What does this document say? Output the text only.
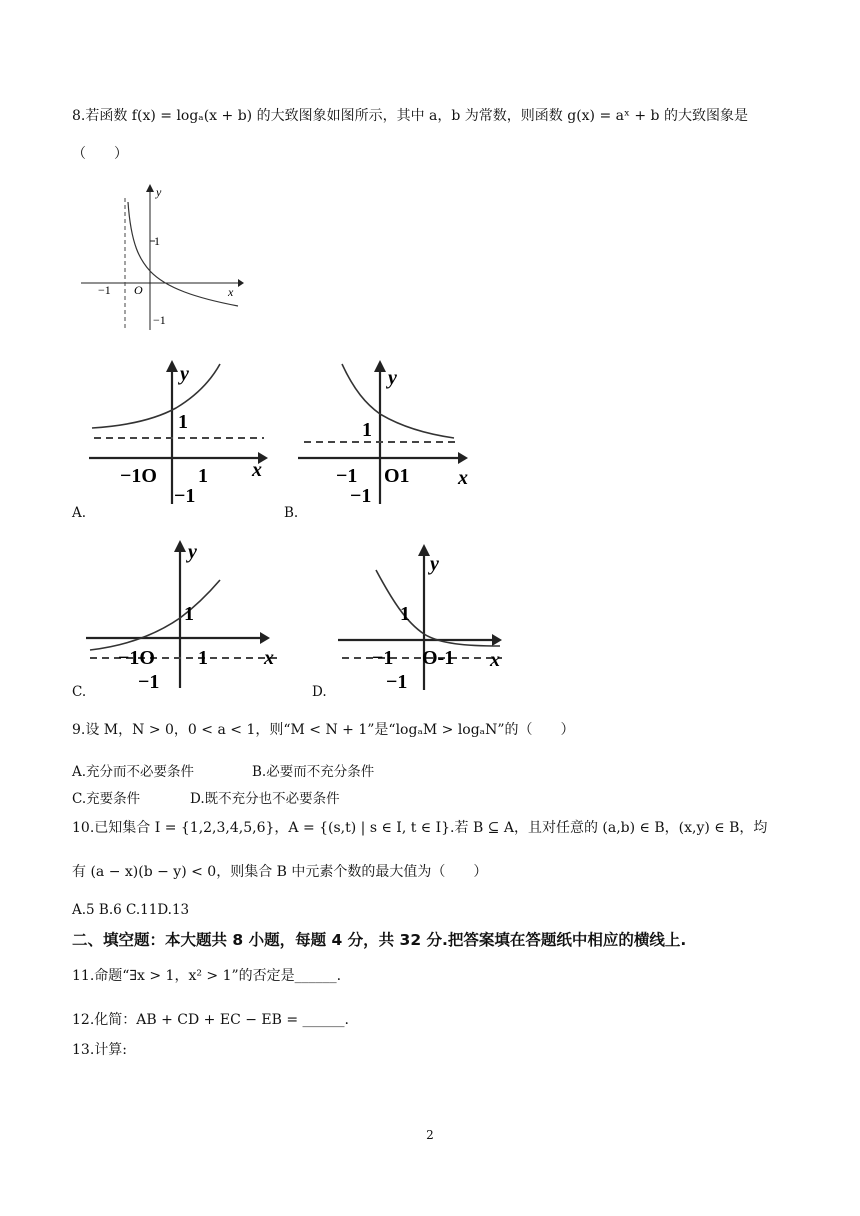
8.若函数 f(x) = logₐ(x + b) 的大致图象如图所示，其中 a，b 为常数，则函数 g(x) = aˣ + b 的大致图象是
（　　）
y
x
1
−1 O
−1
y
x
1
−1O 1
−1
A.
y
x
1
−1 O1
−1
B.
y
x
1
−1O 1
−1
C.
y
x
1
−1 O-1
−1
D.
9.设 M，N > 0，0 < a < 1，则“M < N + 1”是“logₐM > logₐN”的（　　）
A.充分而不必要条件	B.必要而不充分条件
C.充要条件	D.既不充分也不必要条件
10.已知集合 I = {1,2,3,4,5,6}，A = {(s,t) | s ∈ I, t ∈ I}.若 B ⊆ A，且对任意的 (a,b) ∈ B，(x,y) ∈ B，均
有 (a − x)(b − y) < 0，则集合 B 中元素个数的最大值为（　　）
A.5 B.6 C.11D.13
二、填空题：本大题共 8 小题，每题 4 分，共 32 分.把答案填在答题纸中相应的横线上.
11.命题“∃x > 1，x² > 1”的否定是______.
12.化简：AB + CD + EC − EB = ______.
13.计算:
2
